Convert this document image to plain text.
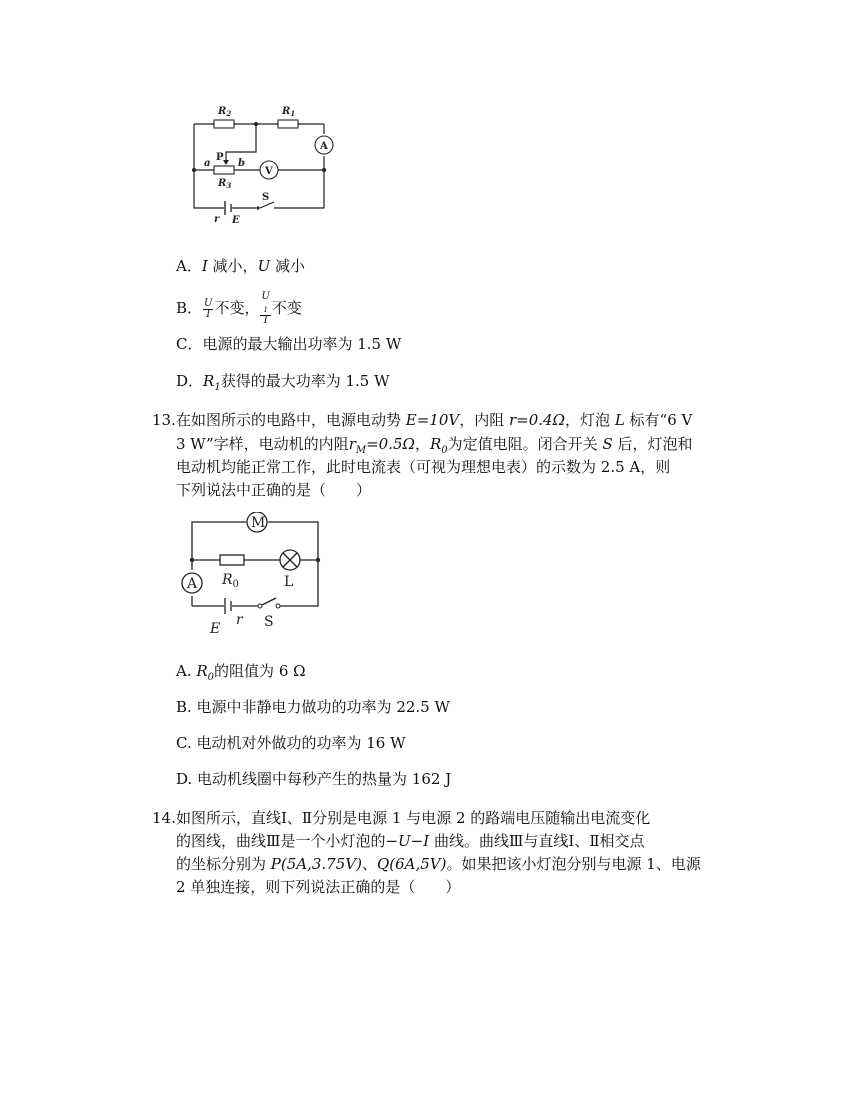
$R_2$	$R_1$
$R_3$
A
V
P
a	b
S
r E
A．I 减小，U 减小
B． $\frac{U}{I}$ 不变， U
$_1$
I 不变
C．电源的最大输出功率为 1.5 W
D．$R_1$获得的最大功率为 1.5 W
13. 在如图所示的电路中，电源电动势 E=10V，内阻 r=0.4Ω，灯泡 L 标有“6 V
3 W”字样，电动机的内阻$r_M=0.5\Omega$，$R_0$为定值电阻。闭合开关 S 后，灯泡和
电动机均能正常工作，此时电流表（可视为理想电表）的示数为 2.5 A，则
下列说法中正确的是（　　）
M
A $R_0$	L
E
r S
A. $R_0$的阻值为 6 Ω
B. 电源中非静电力做功的功率为 22.5 W
C. 电动机对外做功的功率为 16 W
D. 电动机线圈中每秒产生的热量为 162 J
14. 如图所示，直线Ⅰ、Ⅱ分别是电源 1 与电源 2 的路端电压随输出电流变化
的图线，曲线Ⅲ是一个小灯泡的−U−I 曲线。曲线Ⅲ与直线Ⅰ、Ⅱ相交点
的坐标分别为 P(5A,3.75V)、Q(6A,5V)。如果把该小灯泡分别与电源 1、电源
2 单独连接，则下列说法正确的是（　　）
